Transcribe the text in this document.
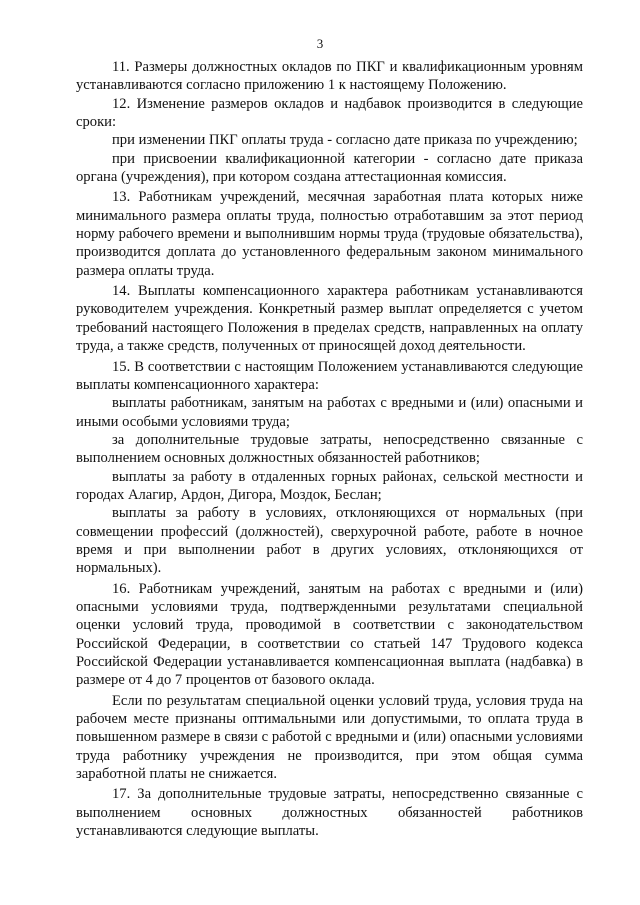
3

11. Размеры должностных окладов по ПКГ и квалификационным уровням устанавливаются согласно приложению 1 к настоящему Положению.

12. Изменение размеров окладов и надбавок производится в следующие сроки:

при изменении ПКГ оплаты труда - согласно дате приказа по учреждению;

при присвоении квалификационной категории - согласно дате приказа органа (учреждения), при котором создана аттестационная комиссия.

13. Работникам учреждений, месячная заработная плата которых ниже минимального размера оплаты труда, полностью отработавшим за этот период норму рабочего времени и выполнившим нормы труда (трудовые обязательства), производится доплата до установленного федеральным законом минимального размера оплаты труда.

14. Выплаты компенсационного характера работникам устанавливаются руководителем учреждения. Конкретный размер выплат определяется с учетом требований настоящего Положения в пределах средств, направленных на оплату труда, а также средств, полученных от приносящей доход деятельности.

15. В соответствии с настоящим Положением устанавливаются следующие выплаты компенсационного характера:

выплаты работникам, занятым на работах с вредными и (или) опасными и иными особыми условиями труда;

за дополнительные трудовые затраты, непосредственно связанные с выполнением основных должностных обязанностей работников;

выплаты за работу в отдаленных горных районах, сельской местности и городах Алагир, Ардон, Дигора, Моздок, Беслан;

выплаты за работу в условиях, отклоняющихся от нормальных (при совмещении профессий (должностей), сверхурочной работе, работе в ночное время и при выполнении работ в других условиях, отклоняющихся от нормальных).

16. Работникам учреждений, занятым на работах с вредными и (или) опасными условиями труда, подтвержденными результатами специальной оценки условий труда, проводимой в соответствии с законодательством Российской Федерации, в соответствии со статьей 147 Трудового кодекса Российской Федерации устанавливается компенсационная выплата (надбавка) в размере от 4 до 7 процентов от базового оклада.

Если по результатам специальной оценки условий труда, условия труда на рабочем месте признаны оптимальными или допустимыми, то оплата труда в повышенном размере в связи с работой с вредными и (или) опасными условиями труда работнику учреждения не производится, при этом общая сумма заработной платы не снижается.

17. За дополнительные трудовые затраты, непосредственно связанные с выполнением основных должностных обязанностей работников устанавливаются следующие выплаты.
